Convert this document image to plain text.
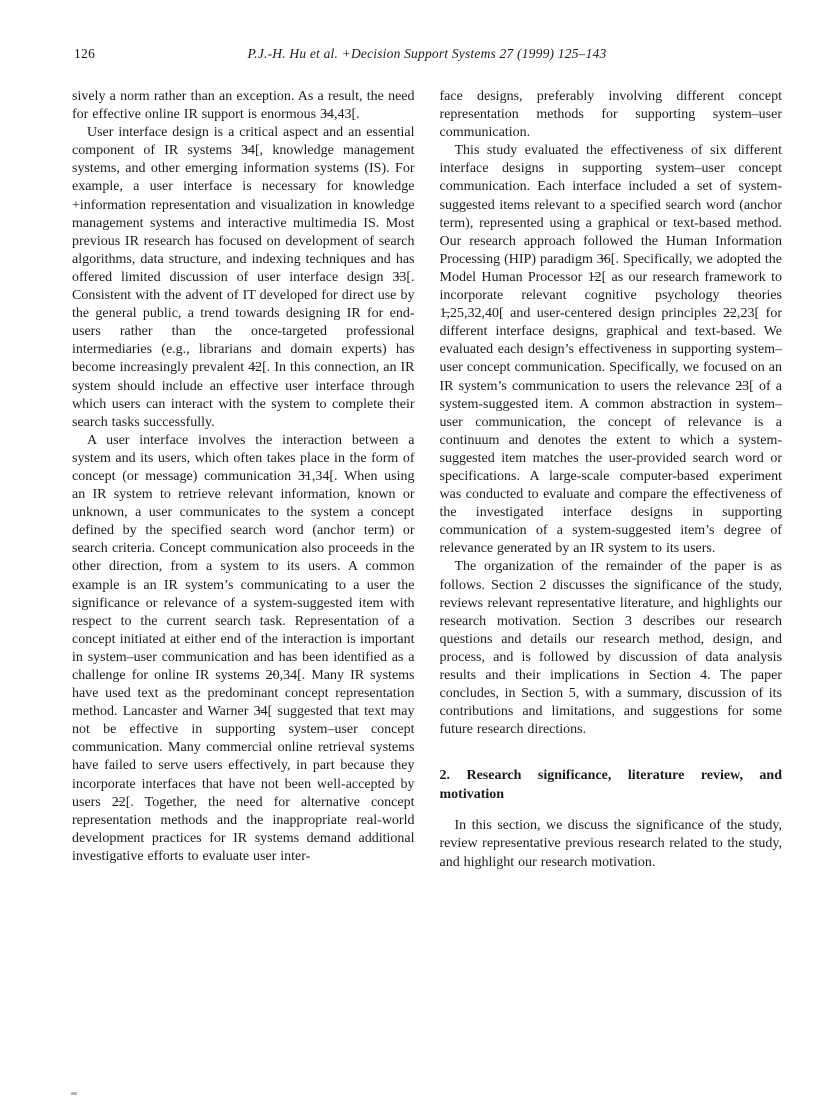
126	P.J.-H. Hu et al. +Decision Support Systems 27 (1999) 125–143

sively a norm rather than an exception. As a result, the need for effective online IR support is enormous 3̶4,43[.

User interface design is a critical aspect and an essential component of IR systems 3̶4[, knowledge management systems, and other emerging information systems (IS). For example, a user interface is necessary for knowledge +information representation and visualization in knowledge management systems and interactive multimedia IS. Most previous IR research has focused on development of search algorithms, data structure, and indexing techniques and has offered limited discussion of user interface design 3̶3[. Consistent with the advent of IT developed for direct use by the general public, a trend towards designing IR for end-users rather than the once-targeted professional intermediaries (e.g., librarians and domain experts) has become increasingly prevalent 4̶2[. In this connection, an IR system should include an effective user interface through which users can interact with the system to complete their search tasks successfully.

A user interface involves the interaction between a system and its users, which often takes place in the form of concept (or message) communication 3̶1,34[. When using an IR system to retrieve relevant information, known or unknown, a user communicates to the system a concept defined by the specified search word (anchor term) or search criteria. Concept communication also proceeds in the other direction, from a system to its users. A common example is an IR system’s communicating to a user the significance or relevance of a system-suggested item with respect to the current search task. Representation of a concept initiated at either end of the interaction is important in system–user communication and has been identified as a challenge for online IR systems 2̶0,34[. Many IR systems have used text as the predominant concept representation method. Lancaster and Warner 3̶4[ suggested that text may not be effective in supporting system–user concept communication. Many commercial online retrieval systems have failed to serve users effectively, in part because they incorporate interfaces that have not been well-accepted by users 2̶2[. Together, the need for alternative concept representation methods and the inappropriate real-world development practices for IR systems demand additional investigative efforts to evaluate user inter-

face designs, preferably involving different concept representation methods for supporting system–user communication.

This study evaluated the effectiveness of six different interface designs in supporting system–user concept communication. Each interface included a set of system-suggested items relevant to a specified search word (anchor term), represented using a graphical or text-based method. Our research approach followed the Human Information Processing (HIP) paradigm 3̶6[. Specifically, we adopted the Model Human Processor 1̶2[ as our research framework to incorporate relevant cognitive psychology theories 1̶,25,32,40[ and user-centered design principles 2̶2,23[ for different interface designs, graphical and text-based. We evaluated each design’s effectiveness in supporting system–user concept communication. Specifically, we focused on an IR system’s communication to users the relevance 2̶3[ of a system-suggested item. A common abstraction in system–user communication, the concept of relevance is a continuum and denotes the extent to which a system-suggested item matches the user-provided search word or specifications. A large-scale computer-based experiment was conducted to evaluate and compare the effectiveness of the investigated interface designs in supporting communication of a system-suggested item’s degree of relevance generated by an IR system to its users.

The organization of the remainder of the paper is as follows. Section 2 discusses the significance of the study, reviews relevant representative literature, and highlights our research motivation. Section 3 describes our research questions and details our research method, design, and process, and is followed by discussion of data analysis results and their implications in Section 4. The paper concludes, in Section 5, with a summary, discussion of its contributions and limitations, and suggestions for some future research directions.

2. Research significance, literature review, and motivation

In this section, we discuss the significance of the study, review representative previous research related to the study, and highlight our research motivation.
